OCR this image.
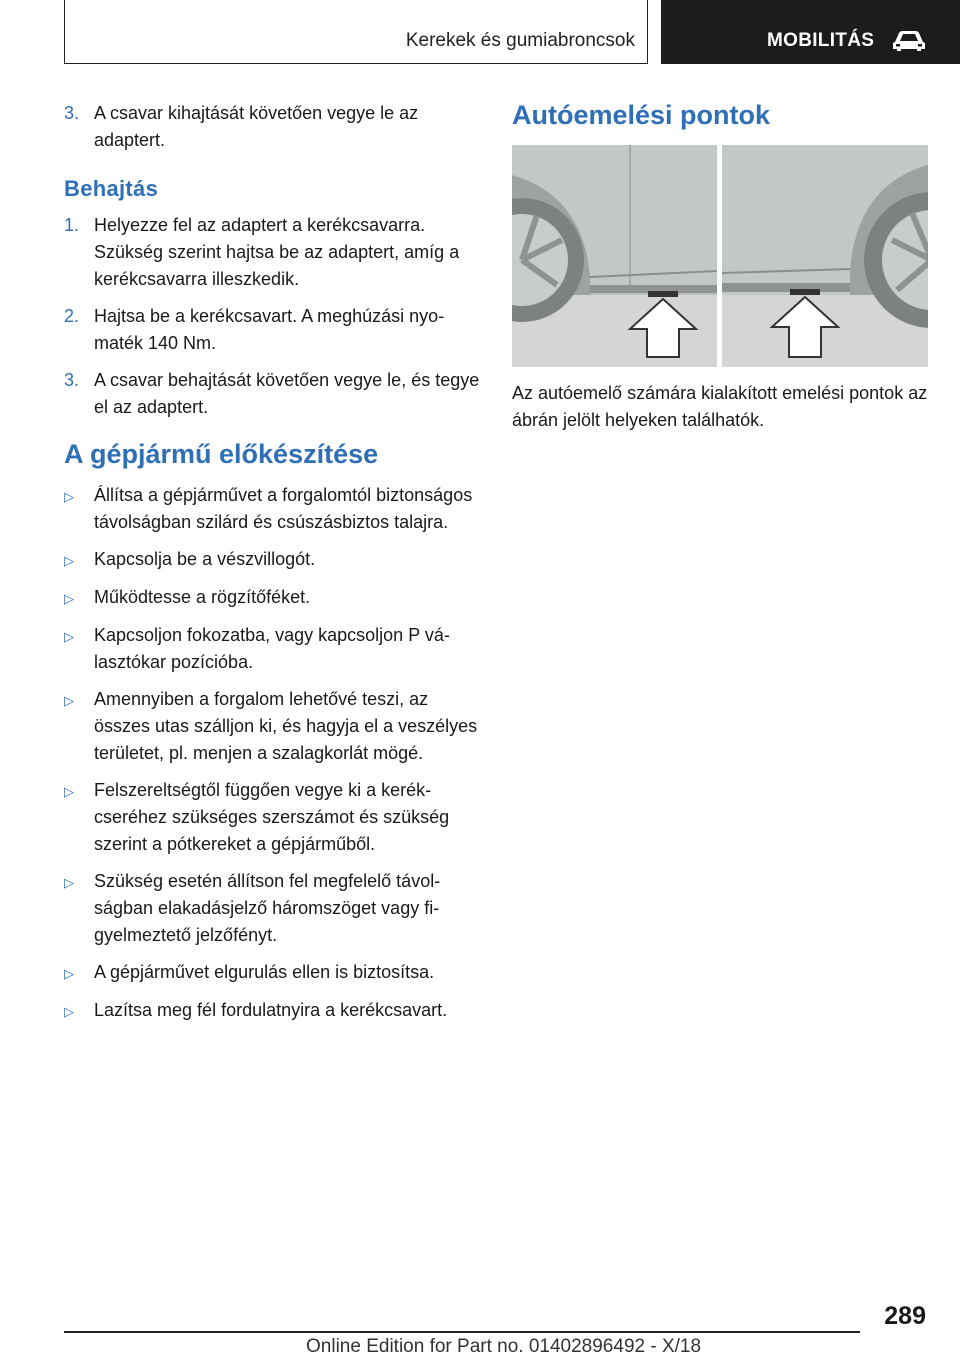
Kerekek és gumiabroncsok	MOBILITÁS
3. A csavar kihajtását követően vegye le az adaptert.
Behajtás
1. Helyezze fel az adaptert a kerékcsavarra. Szükség szerint hajtsa be az adaptert, amíg a kerékcsavarra illeszkedik.
2. Hajtsa be a kerékcsavart. A meghúzási nyomaték 140 Nm.
3. A csavar behajtását követően vegye le, és tegye el az adaptert.
A gépjármű előkészítése
▷	Állítsa a gépjárművet a forgalomtól biztonságos távolságban szilárd és csúszásbiztos talajra.
▷	Kapcsolja be a vészvillogót.
▷	Működtesse a rögzítőféket.
▷	Kapcsoljon fokozatba, vagy kapcsoljon P választókar pozícióba.
▷	Amennyiben a forgalom lehetővé teszi, az összes utas szálljon ki, és hagyja el a veszélyes területet, pl. menjen a szalagkorlát mögé.
▷	Felszereltségtől függően vegye ki a kerékcseréhez szükséges szerszámot és szükség szerint a pótkereket a gépjárműből.
▷	Szükség esetén állítson fel megfelelő távolságban elakadásjelző háromszöget vagy figyelmeztető jelzőfényt.
▷	A gépjárművet elgurulás ellen is biztosítsa.
▷	Lazítsa meg fél fordulatnyira a kerékcsavart.
Autóemelési pontok
Az autóemelő számára kialakított emelési pontok az ábrán jelölt helyeken találhatók.
289
Online Edition for Part no. 01402896492 - X/18
